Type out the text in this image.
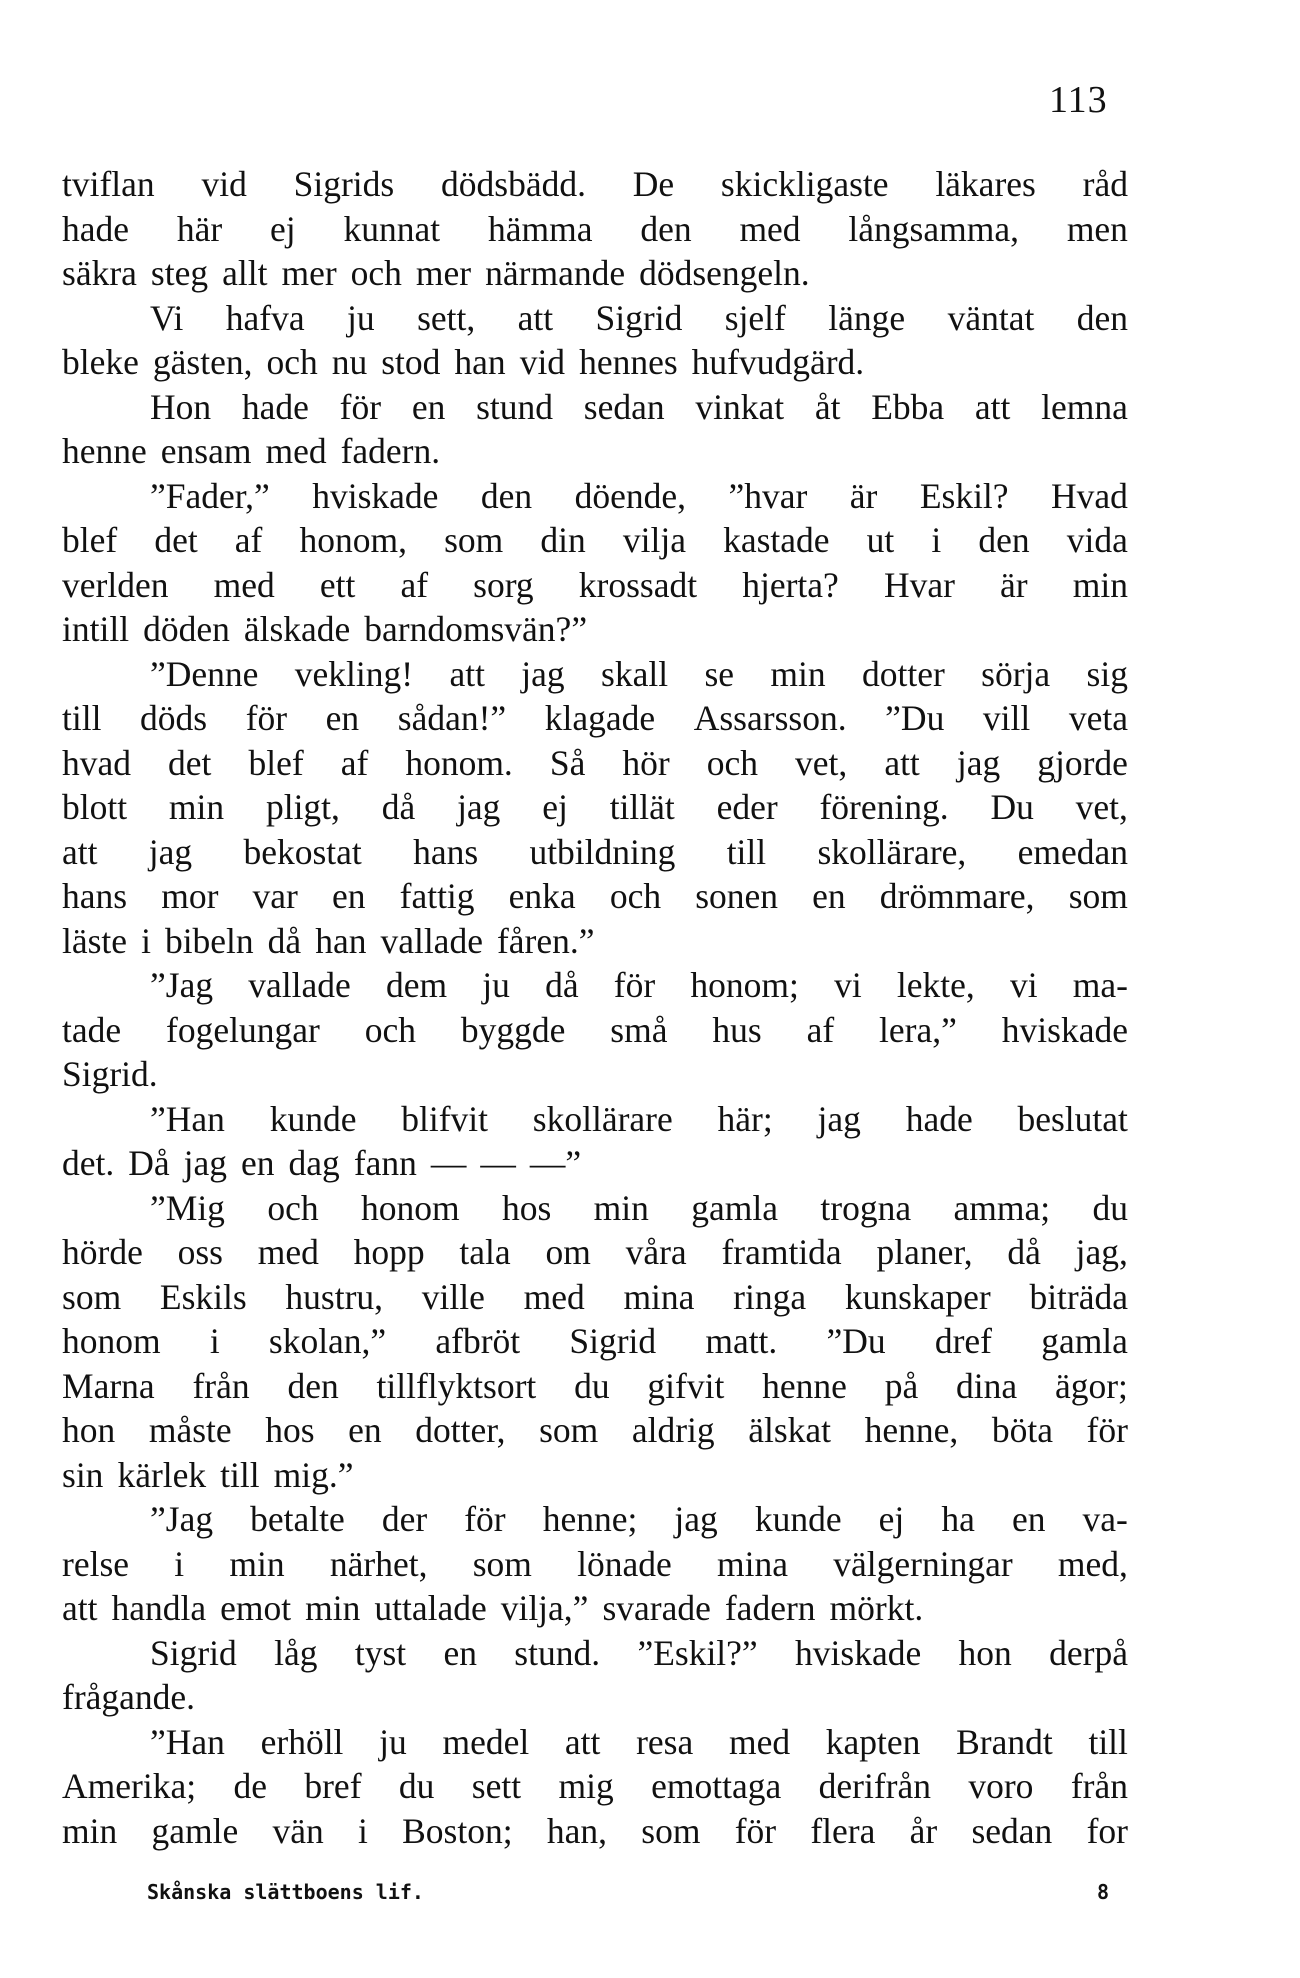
113
tviflan vid Sigrids dödsbädd. De skickligaste läkares råd
hade här ej kunnat hämma den med långsamma, men
säkra steg allt mer och mer närmande dödsengeln.
Vi hafva ju sett, att Sigrid sjelf länge väntat den
bleke gästen, och nu stod han vid hennes hufvudgärd.
Hon hade för en stund sedan vinkat åt Ebba att lemna
henne ensam med fadern.
”Fader,” hviskade den döende, ”hvar är Eskil? Hvad
blef det af honom, som din vilja kastade ut i den vida
verlden med ett af sorg krossadt hjerta? Hvar är min
intill döden älskade barndomsvän?”
”Denne vekling! att jag skall se min dotter sörja sig
till döds för en sådan!” klagade Assarsson. ”Du vill veta
hvad det blef af honom. Så hör och vet, att jag gjorde
blott min pligt, då jag ej tillät eder förening. Du vet,
att jag bekostat hans utbildning till skollärare, emedan
hans mor var en fattig enka och sonen en drömmare, som
läste i bibeln då han vallade fåren.”
”Jag vallade dem ju då för honom; vi lekte, vi ma-
tade fogelungar och byggde små hus af lera,” hviskade
Sigrid.
”Han kunde blifvit skollärare här; jag hade beslutat
det. Då jag en dag fann — — —”
”Mig och honom hos min gamla trogna amma; du
hörde oss med hopp tala om våra framtida planer, då jag,
som Eskils hustru, ville med mina ringa kunskaper biträda
honom i skolan,” afbröt Sigrid matt. ”Du dref gamla
Marna från den tillflyktsort du gifvit henne på dina ägor;
hon måste hos en dotter, som aldrig älskat henne, böta för
sin kärlek till mig.”
”Jag betalte der för henne; jag kunde ej ha en va-
relse i min närhet, som lönade mina välgerningar med,
att handla emot min uttalade vilja,” svarade fadern mörkt.
Sigrid låg tyst en stund. ”Eskil?” hviskade hon derpå
frågande.
”Han erhöll ju medel att resa med kapten Brandt till
Amerika; de bref du sett mig emottaga derifrån voro från
min gamle vän i Boston; han, som för flera år sedan for
Skånska slättboens lif.	8
